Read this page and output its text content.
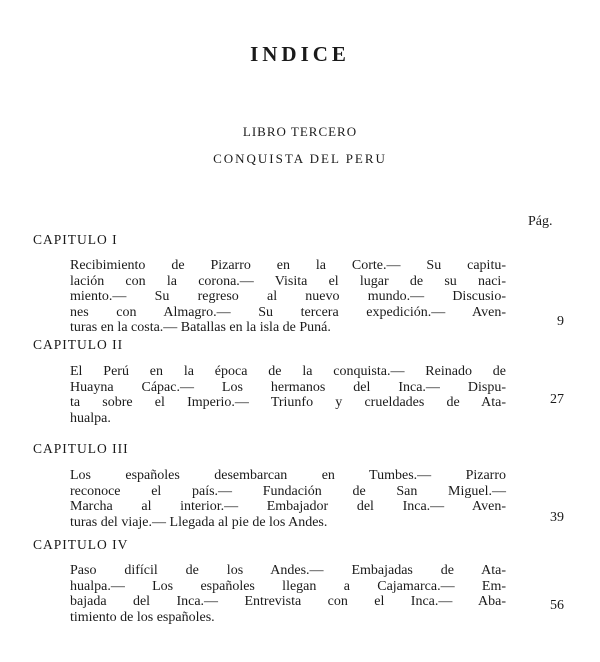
INDICE
LIBRO TERCERO
CONQUISTA DEL PERU
Pág.
CAPITULO I
Recibimiento de Pizarro en la Corte.— Su capitu-
lación con la corona.— Visita el lugar de su naci-
miento.— Su regreso al nuevo mundo.— Discusio-
nes con Almagro.— Su tercera expedición.— Aven-
turas en la costa.— Batallas en la isla de Puná.	9
CAPITULO II
El Perú en la época de la conquista.— Reinado de
Huayna Cápac.— Los hermanos del Inca.— Dispu-
ta sobre el Imperio.— Triunfo y crueldades de Ata-
hualpa.
27
CAPITULO III
Los españoles desembarcan en Tumbes.— Pizarro
reconoce el país.— Fundación de San Miguel.—
Marcha al interior.— Embajador del Inca.— Aven-
turas del viaje.— Llegada al pie de los Andes.	39
CAPITULO IV
Paso difícil de los Andes.— Embajadas de Ata-
hualpa.— Los españoles llegan a Cajamarca.— Em-
bajada del Inca.— Entrevista con el Inca.— Aba-
timiento de los españoles.
56
